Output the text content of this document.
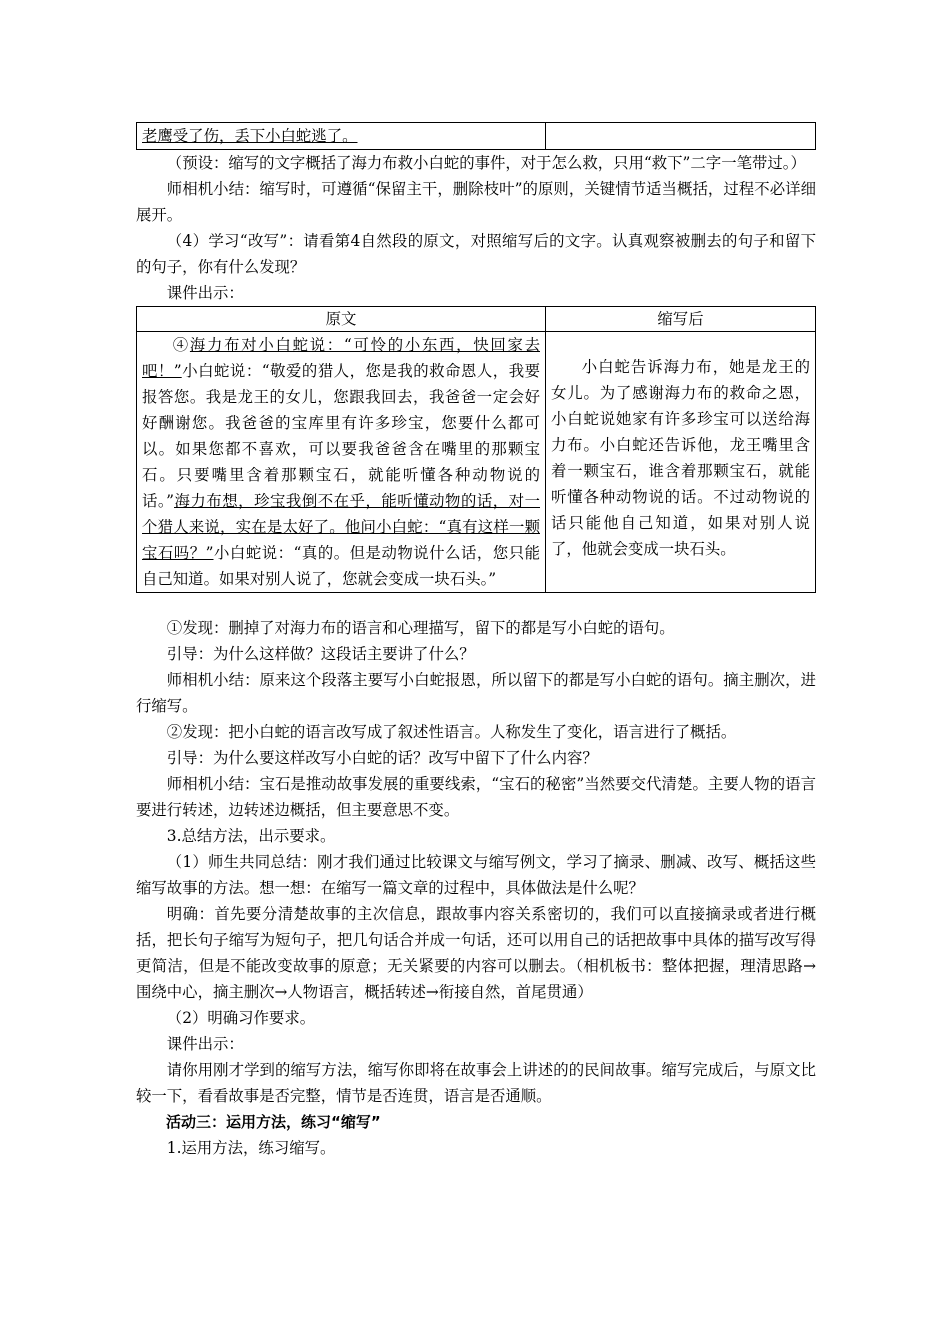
老鹰受了伤，丢下小白蛇逃了。	

（预设：缩写的文字概括了海力布救小白蛇的事件，对于怎么救，只用“救下”二字一笔带过。）

师相机小结：缩写时，可遵循“保留主干，删除枝叶”的原则，关键情节适当概括，过程不必详细展开。

（4）学习“改写”：请看第4自然段的原文，对照缩写后的文字。认真观察被删去的句子和留下的句子，你有什么发现？

课件出示：

原文	缩写后

④海力布对小白蛇说：“可怜的小东西，快回家去吧！”小白蛇说：“敬爱的猎人，您是我的救命恩人，我要报答您。我是龙王的女儿，您跟我回去，我爸爸一定会好好酬谢您。我爸爸的宝库里有许多珍宝，您要什么都可以。如果您都不喜欢，可以要我爸爸含在嘴里的那颗宝石。只要嘴里含着那颗宝石，就能听懂各种动物说的话。”海力布想，珍宝我倒不在乎，能听懂动物的话，对一个猎人来说，实在是太好了。他问小白蛇：“真有这样一颗宝石吗？”小白蛇说：“真的。但是动物说什么话，您只能自己知道。如果对别人说了，您就会变成一块石头。”	小白蛇告诉海力布，她是龙王的女儿。为了感谢海力布的救命之恩，小白蛇说她家有许多珍宝可以送给海力布。小白蛇还告诉他，龙王嘴里含着一颗宝石，谁含着那颗宝石，就能听懂各种动物说的话。不过动物说的话只能他自己知道，如果对别人说了，他就会变成一块石头。

①发现：删掉了对海力布的语言和心理描写，留下的都是写小白蛇的语句。

引导：为什么这样做？这段话主要讲了什么？

师相机小结：原来这个段落主要写小白蛇报恩，所以留下的都是写小白蛇的语句。摘主删次，进行缩写。

②发现：把小白蛇的语言改写成了叙述性语言。人称发生了变化，语言进行了概括。

引导：为什么要这样改写小白蛇的话？改写中留下了什么内容？

师相机小结：宝石是推动故事发展的重要线索，“宝石的秘密”当然要交代清楚。主要人物的语言要进行转述，边转述边概括，但主要意思不变。

3.总结方法，出示要求。

（1）师生共同总结：刚才我们通过比较课文与缩写例文，学习了摘录、删减、改写、概括这些缩写故事的方法。想一想：在缩写一篇文章的过程中，具体做法是什么呢？

明确：首先要分清楚故事的主次信息，跟故事内容关系密切的，我们可以直接摘录或者进行概括，把长句子缩写为短句子，把几句话合并成一句话，还可以用自己的话把故事中具体的描写改写得更简洁，但是不能改变故事的原意；无关紧要的内容可以删去。（相机板书：整体把握，理清思路→围绕中心，摘主删次→人物语言，概括转述→衔接自然，首尾贯通）

（2）明确习作要求。

课件出示：

请你用刚才学到的缩写方法，缩写你即将在故事会上讲述的的民间故事。缩写完成后，与原文比较一下，看看故事是否完整，情节是否连贯，语言是否通顺。

活动三：运用方法，练习“缩写”

1.运用方法，练习缩写。
